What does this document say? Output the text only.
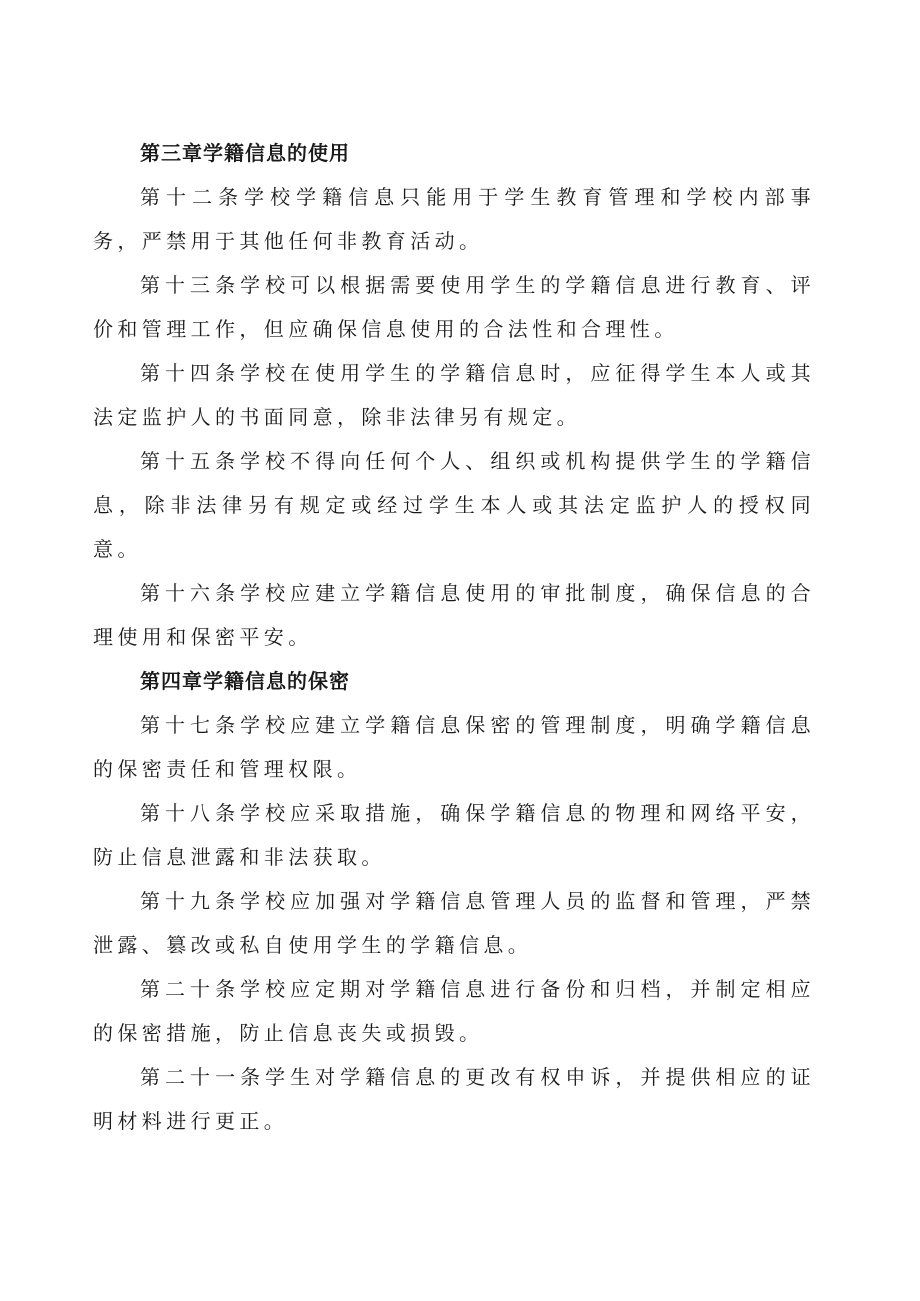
第三章学籍信息的使用

第十二条学校学籍信息只能用于学生教育管理和学校内部事务，严禁用于其他任何非教育活动。

第十三条学校可以根据需要使用学生的学籍信息进行教育、评价和管理工作，但应确保信息使用的合法性和合理性。

第十四条学校在使用学生的学籍信息时，应征得学生本人或其法定监护人的书面同意，除非法律另有规定。

第十五条学校不得向任何个人、组织或机构提供学生的学籍信息，除非法律另有规定或经过学生本人或其法定监护人的授权同意。

第十六条学校应建立学籍信息使用的审批制度，确保信息的合理使用和保密平安。

第四章学籍信息的保密

第十七条学校应建立学籍信息保密的管理制度，明确学籍信息的保密责任和管理权限。

第十八条学校应采取措施，确保学籍信息的物理和网络平安，防止信息泄露和非法获取。

第十九条学校应加强对学籍信息管理人员的监督和管理，严禁泄露、篡改或私自使用学生的学籍信息。

第二十条学校应定期对学籍信息进行备份和归档，并制定相应的保密措施，防止信息丧失或损毁。

第二十一条学生对学籍信息的更改有权申诉，并提供相应的证明材料进行更正。
